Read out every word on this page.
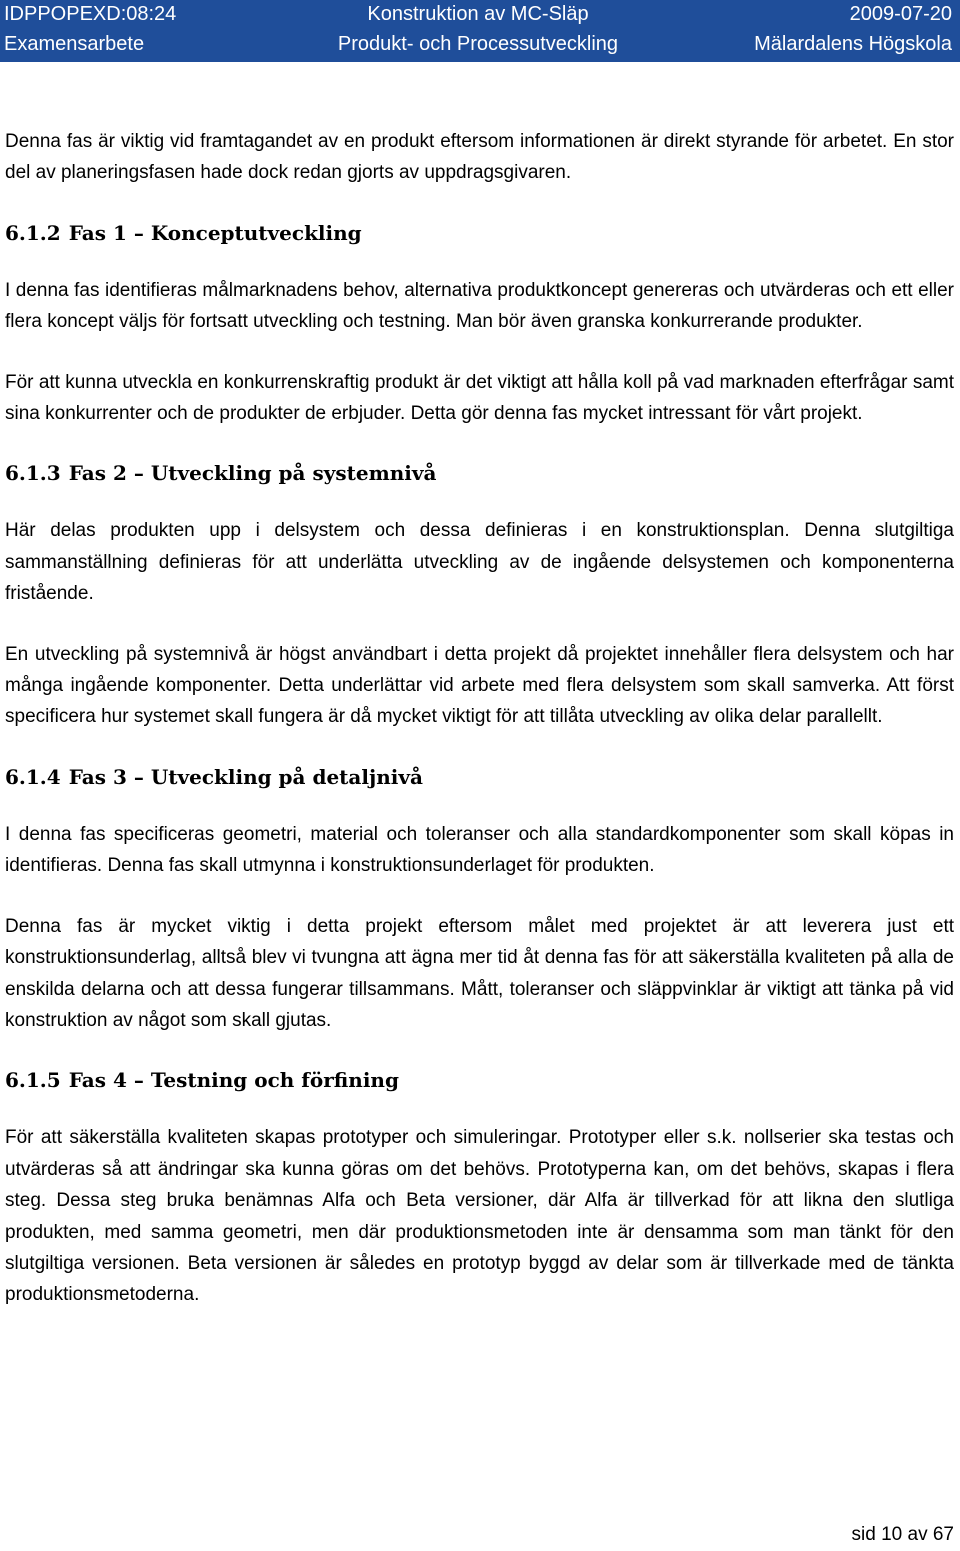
IDPPOPEXD:08:24	Konstruktion av MC-Släp	2009-07-20
Examensarbete	Produkt- och Processutveckling	Mälardalens Högskola

Denna fas är viktig vid framtagandet av en produkt eftersom informationen är direkt styrande för arbetet. En stor del av planeringsfasen hade dock redan gjorts av uppdragsgivaren.

6.1.2 Fas 1 – Konceptutveckling

I denna fas identifieras målmarknadens behov, alternativa produktkoncept genereras och utvärderas och ett eller flera koncept väljs för fortsatt utveckling och testning. Man bör även granska konkurrerande produkter.

För att kunna utveckla en konkurrenskraftig produkt är det viktigt att hålla koll på vad marknaden efterfrågar samt sina konkurrenter och de produkter de erbjuder. Detta gör denna fas mycket intressant för vårt projekt.

6.1.3 Fas 2 – Utveckling på systemnivå

Här delas produkten upp i delsystem och dessa definieras i en konstruktionsplan. Denna slutgiltiga sammanställning definieras för att underlätta utveckling av de ingående delsystemen och komponenterna fristående.

En utveckling på systemnivå är högst användbart i detta projekt då projektet innehåller flera delsystem och har många ingående komponenter. Detta underlättar vid arbete med flera delsystem som skall samverka. Att först specificera hur systemet skall fungera är då mycket viktigt för att tillåta utveckling av olika delar parallellt.

6.1.4 Fas 3 – Utveckling på detaljnivå

I denna fas specificeras geometri, material och toleranser och alla standardkomponenter som skall köpas in identifieras. Denna fas skall utmynna i konstruktionsunderlaget för produkten.

Denna fas är mycket viktig i detta projekt eftersom målet med projektet är att leverera just ett konstruktionsunderlag, alltså blev vi tvungna att ägna mer tid åt denna fas för att säkerställa kvaliteten på alla de enskilda delarna och att dessa fungerar tillsammans. Mått, toleranser och släppvinklar är viktigt att tänka på vid konstruktion av något som skall gjutas.

6.1.5 Fas 4 – Testning och förfining

För att säkerställa kvaliteten skapas prototyper och simuleringar. Prototyper eller s.k. nollserier ska testas och utvärderas så att ändringar ska kunna göras om det behövs. Prototyperna kan, om det behövs, skapas i flera steg. Dessa steg bruka benämnas Alfa och Beta versioner, där Alfa är tillverkad för att likna den slutliga produkten, med samma geometri, men där produktionsmetoden inte är densamma som man tänkt för den slutgiltiga versionen. Beta versionen är således en prototyp byggd av delar som är tillverkade med de tänkta produktionsmetoderna.

sid 10 av 67
